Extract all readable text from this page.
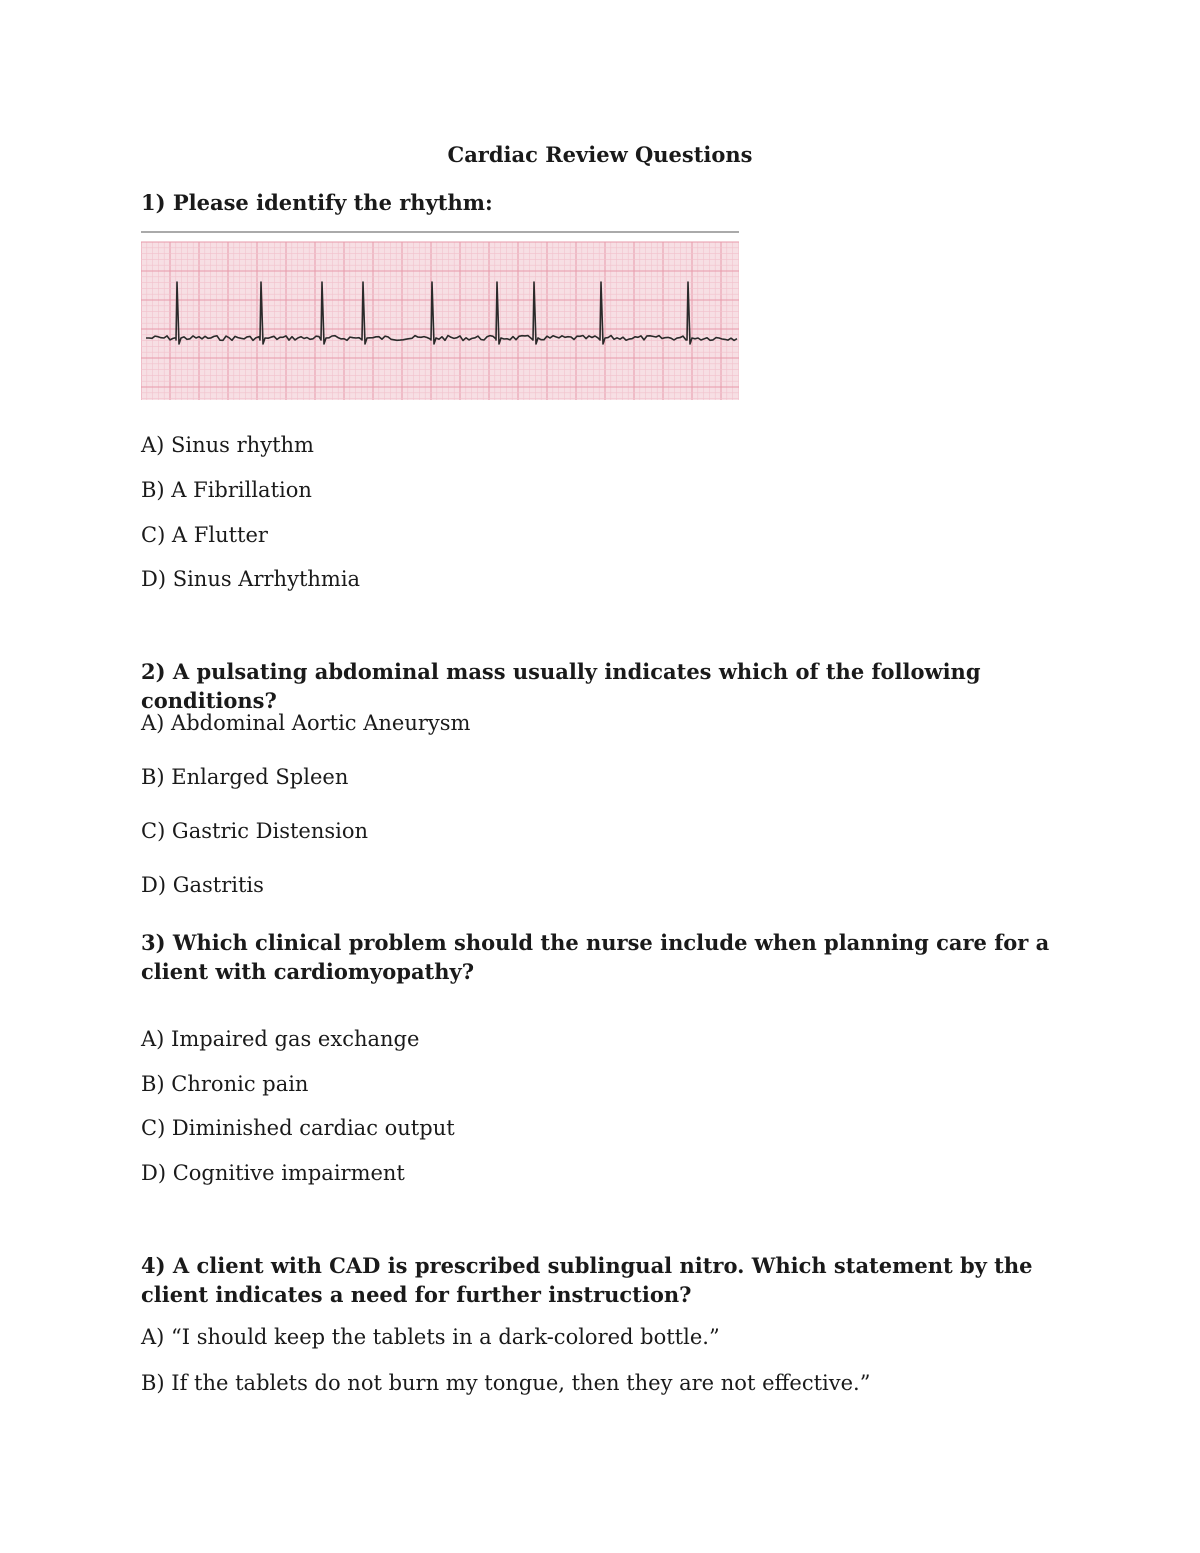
Cardiac Review Questions
1) Please identify the rhythm:
A) Sinus rhythm
B) A Fibrillation
C) A Flutter
D) Sinus Arrhythmia
2) A pulsating abdominal mass usually indicates which of the following conditions?
A) Abdominal Aortic Aneurysm
B) Enlarged Spleen
C) Gastric Distension
D) Gastritis
3) Which clinical problem should the nurse include when planning care for a client with cardiomyopathy?
A) Impaired gas exchange
B) Chronic pain
C) Diminished cardiac output
D) Cognitive impairment
4) A client with CAD is prescribed sublingual nitro. Which statement by the client indicates a need for further instruction?
A) “I should keep the tablets in a dark-colored bottle.”
B) If the tablets do not burn my tongue, then they are not effective.”
